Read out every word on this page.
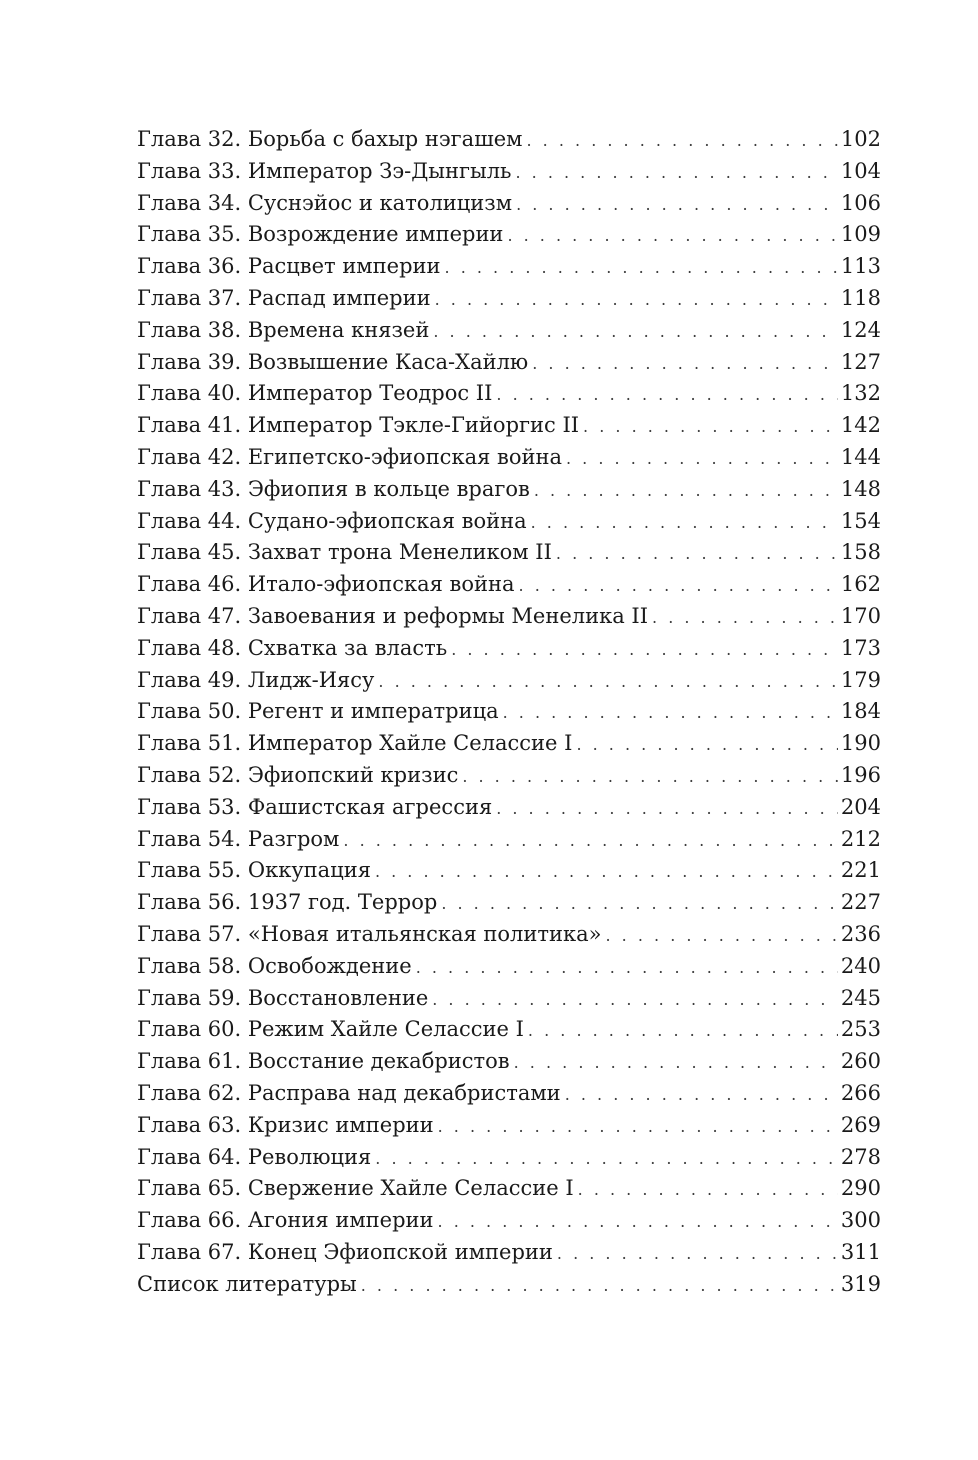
Глава 32. Борьба с бахыр нэгашем . . .	102
Глава 33. Император Зэ-Дынгыль . . .	104
Глава 34. Суснэйос и католицизм . . .	106
Глава 35. Возрождение империи . . .	109
Глава 36. Расцвет империи . . .	113
Глава 37. Распад империи . . .	118
Глава 38. Времена князей . . .	124
Глава 39. Возвышение Каса-Хайлю . . .	127
Глава 40. Император Теодрос II . . .	132
Глава 41. Император Тэкле-Гийоргис II . . .	142
Глава 42. Египетско-эфиопская война . . .	144
Глава 43. Эфиопия в кольце врагов . . .	148
Глава 44. Судано-эфиопская война . . .	154
Глава 45. Захват трона Менеликом II . . .	158
Глава 46. Итало-эфиопская война . . .	162
Глава 47. Завоевания и реформы Менелика II . . .	170
Глава 48. Схватка за власть . . .	173
Глава 49. Лидж-Иясу . . .	179
Глава 50. Регент и императрица . . .	184
Глава 51. Император Хайле Селассие I . . .	190
Глава 52. Эфиопский кризис . . .	196
Глава 53. Фашистская агрессия . . .	204
Глава 54. Разгром . . .	212
Глава 55. Оккупация . . .	221
Глава 56. 1937 год. Террор . . .	227
Глава 57. «Новая итальянская политика» . . .	236
Глава 58. Освобождение . . .	240
Глава 59. Восстановление . . .	245
Глава 60. Режим Хайле Селассие I . . .	253
Глава 61. Восстание декабристов . . .	260
Глава 62. Расправа над декабристами . . .	266
Глава 63. Кризис империи . . .	269
Глава 64. Революция . . .	278
Глава 65. Свержение Хайле Селассие I . . .	290
Глава 66. Агония империи . . .	300
Глава 67. Конец Эфиопской империи . . .	311
Список литературы . . .	319
